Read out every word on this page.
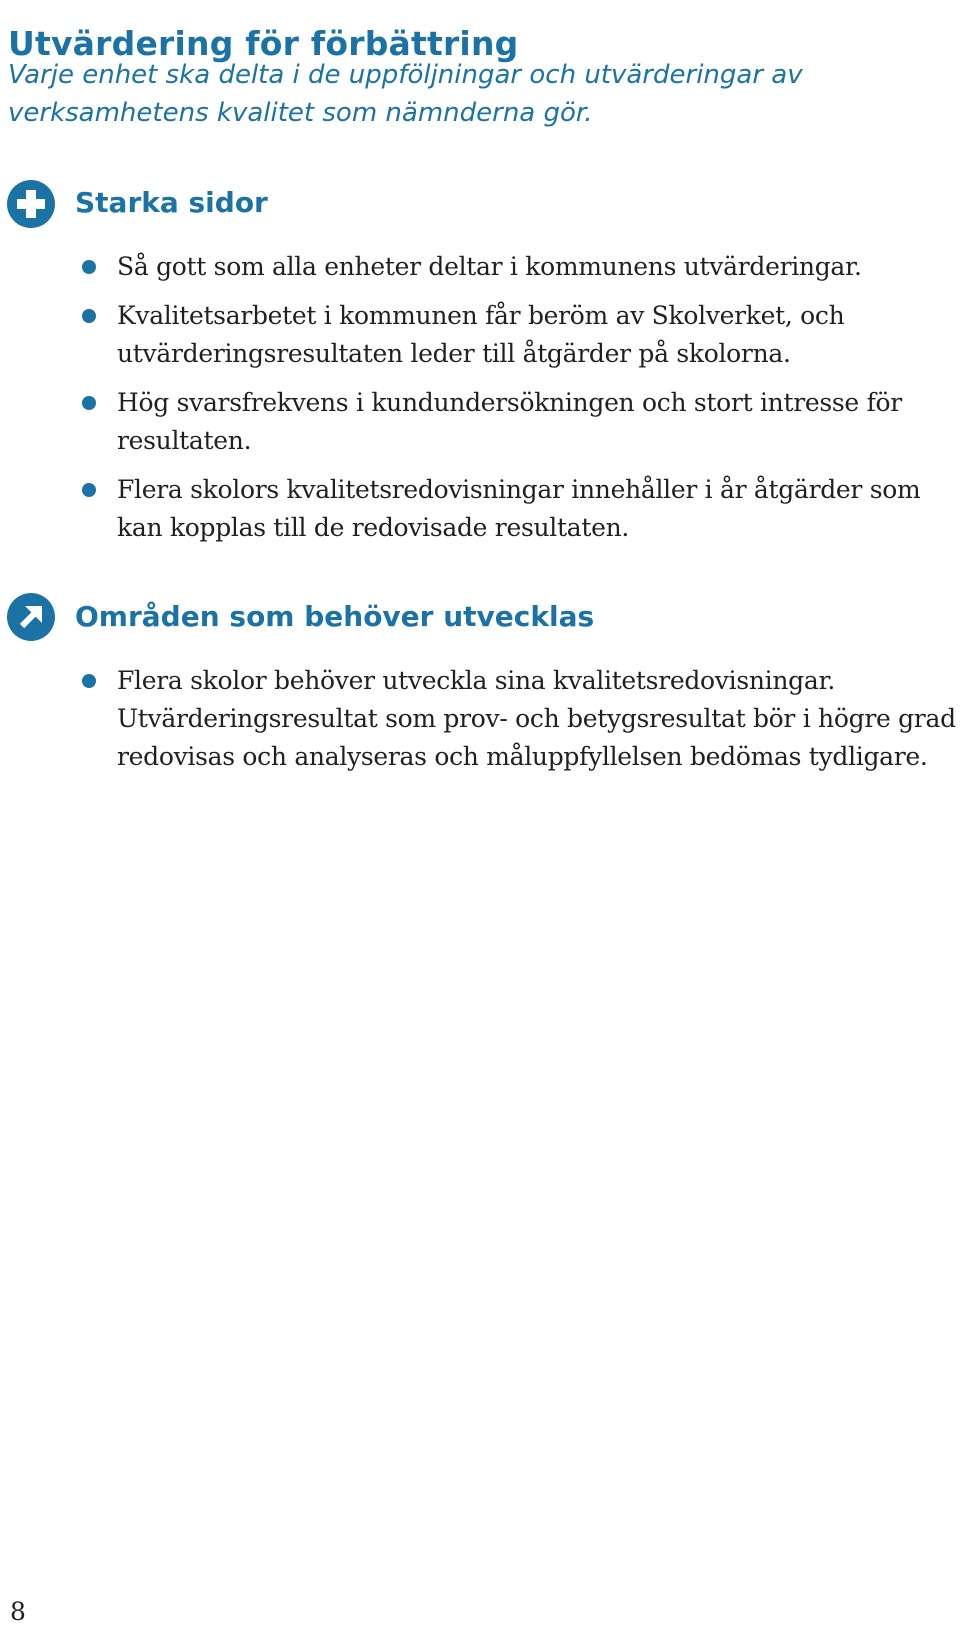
Utvärdering för förbättring

Varje enhet ska delta i de uppföljningar och utvärderingar av verksamhetens kvalitet som nämnderna gör.

Starka sidor
Så gott som alla enheter deltar i kommunens utvärderingar.
Kvalitetsarbetet i kommunen får beröm av Skolverket, och utvärderingsresultaten leder till åtgärder på skolorna.
Hög svarsfrekvens i kundundersökningen och stort intresse för resultaten.
Flera skolors kvalitetsredovisningar innehåller i år åtgärder som kan kopplas till de redovisade resultaten.
Områden som behöver utvecklas
Flera skolor behöver utveckla sina kvalitetsredovisningar. Utvärderingsresultat som prov- och betygsresultat bör i högre grad redovisas och analyseras och måluppfyllelsen bedömas tydligare.
8
